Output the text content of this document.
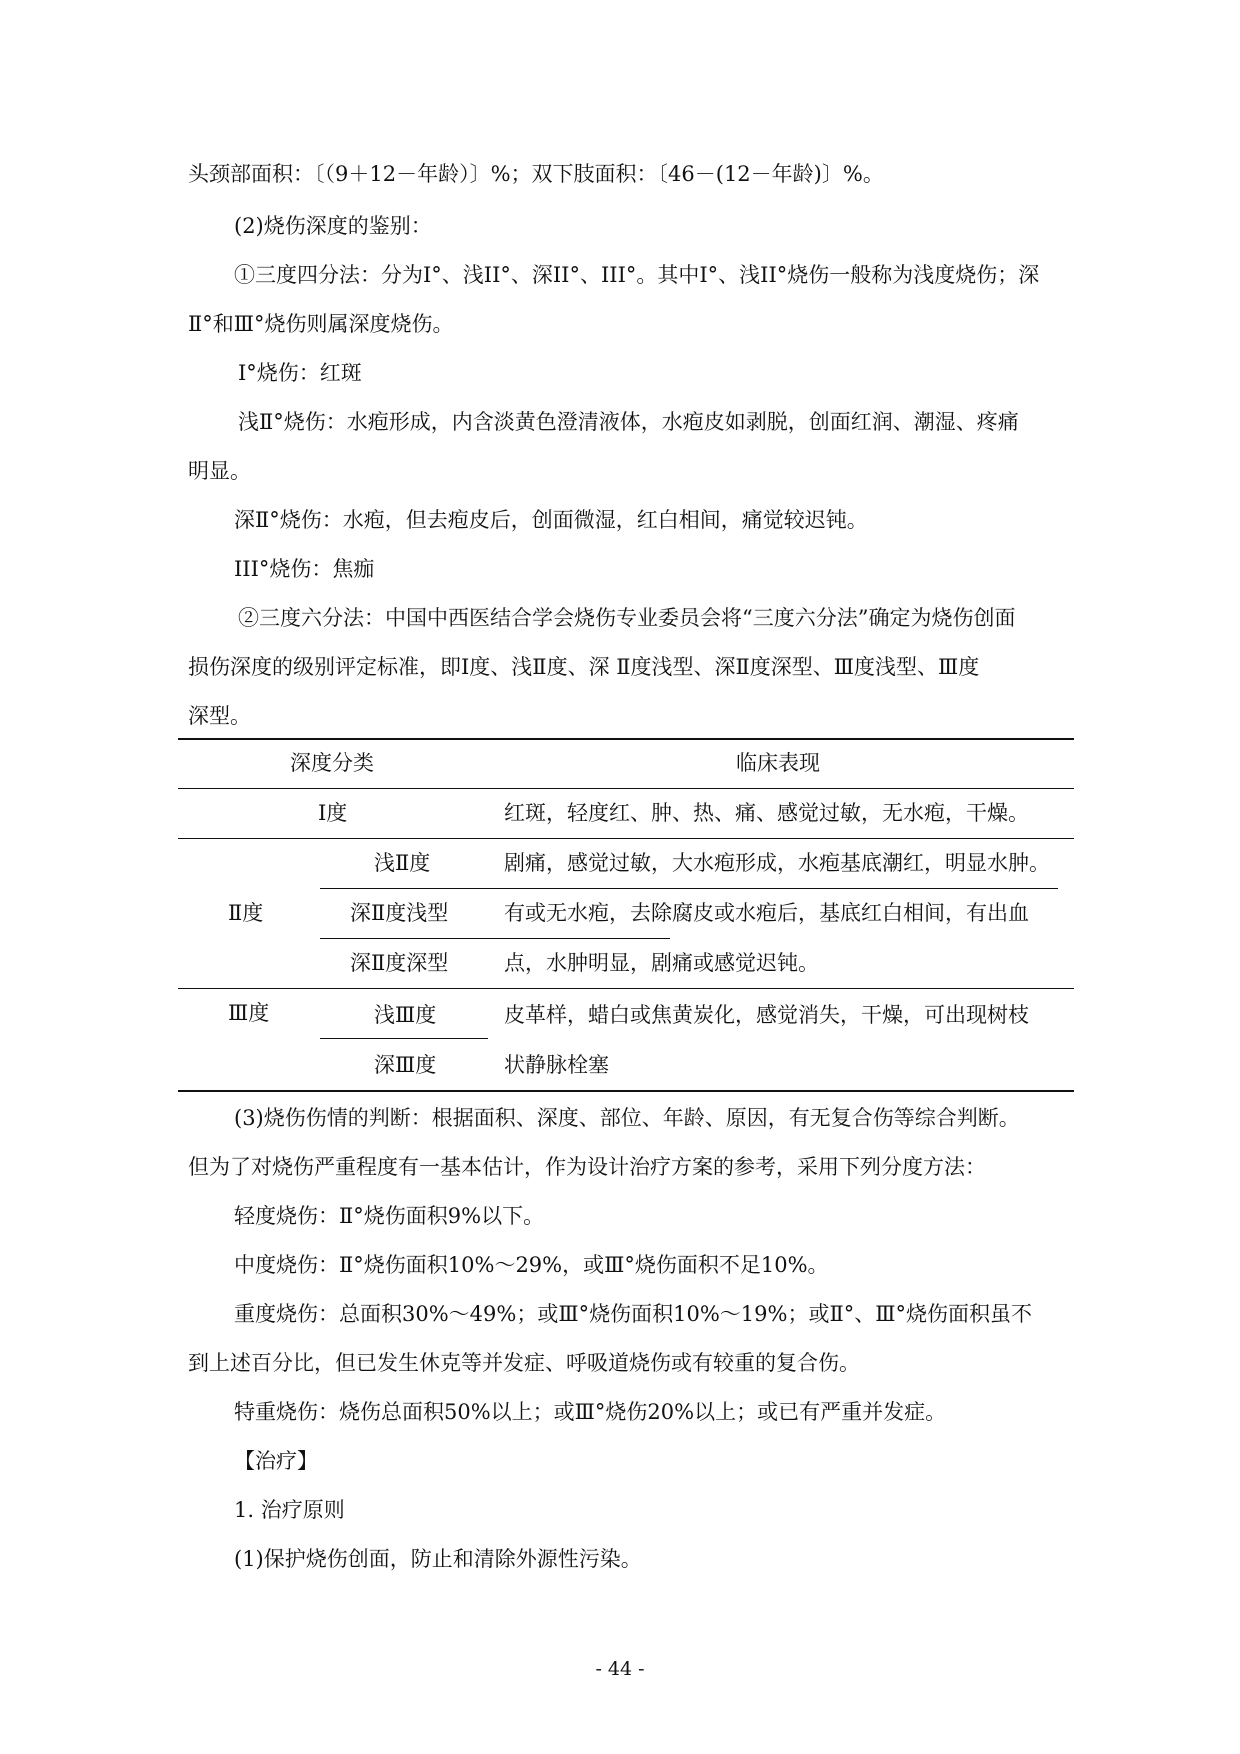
头颈部面积：〔（9＋12－年龄）〕%；双下肢面积：〔46－(12－年龄)〕%。
(2)烧伤深度的鉴别：
①三度四分法：分为I°、浅II°、深II°、III°。其中I°、浅II°烧伤一般称为浅度烧伤；深
Ⅱ°和Ⅲ°烧伤则属深度烧伤。
I°烧伤：红斑
浅Ⅱ°烧伤：水疱形成，内含淡黄色澄清液体，水疱皮如剥脱，创面红润、潮湿、疼痛
明显。
深Ⅱ°烧伤：水疱，但去疱皮后，创面微湿，红白相间，痛觉较迟钝。
III°烧伤：焦痂
②三度六分法：中国中西医结合学会烧伤专业委员会将“三度六分法”确定为烧伤创面
损伤深度的级别评定标准，即Ⅰ度、浅Ⅱ度、深 Ⅱ度浅型、深Ⅱ度深型、Ⅲ度浅型、Ⅲ度
深型。
深度分类	临床表现
Ⅰ度	红斑，轻度红、肿、热、痛、感觉过敏，无水疱，干燥。
Ⅱ度
浅Ⅱ度	剧痛，感觉过敏，大水疱形成，水疱基底潮红，明显水肿。
深Ⅱ度浅型	有或无水疱，去除腐皮或水疱后，基底红白相间，有出血
深Ⅱ度深型	点，水肿明显，剧痛或感觉迟钝。
Ⅲ度	浅Ⅲ度	皮革样，蜡白或焦黄炭化，感觉消失，干燥，可出现树枝
深Ⅲ度	状静脉栓塞
(3)烧伤伤情的判断：根据面积、深度、部位、年龄、原因，有无复合伤等综合判断。
但为了对烧伤严重程度有一基本估计，作为设计治疗方案的参考，采用下列分度方法：
轻度烧伤：Ⅱ°烧伤面积9%以下。
中度烧伤：Ⅱ°烧伤面积10%～29%，或Ⅲ°烧伤面积不足10%。
重度烧伤：总面积30%～49%；或Ⅲ°烧伤面积10%～19%；或Ⅱ°、Ⅲ°烧伤面积虽不
到上述百分比，但已发生休克等并发症、呼吸道烧伤或有较重的复合伤。
特重烧伤：烧伤总面积50%以上；或Ⅲ°烧伤20%以上；或已有严重并发症。
【治疗】
1. 治疗原则
(1)保护烧伤创面，防止和清除外源性污染。
- 44 -
